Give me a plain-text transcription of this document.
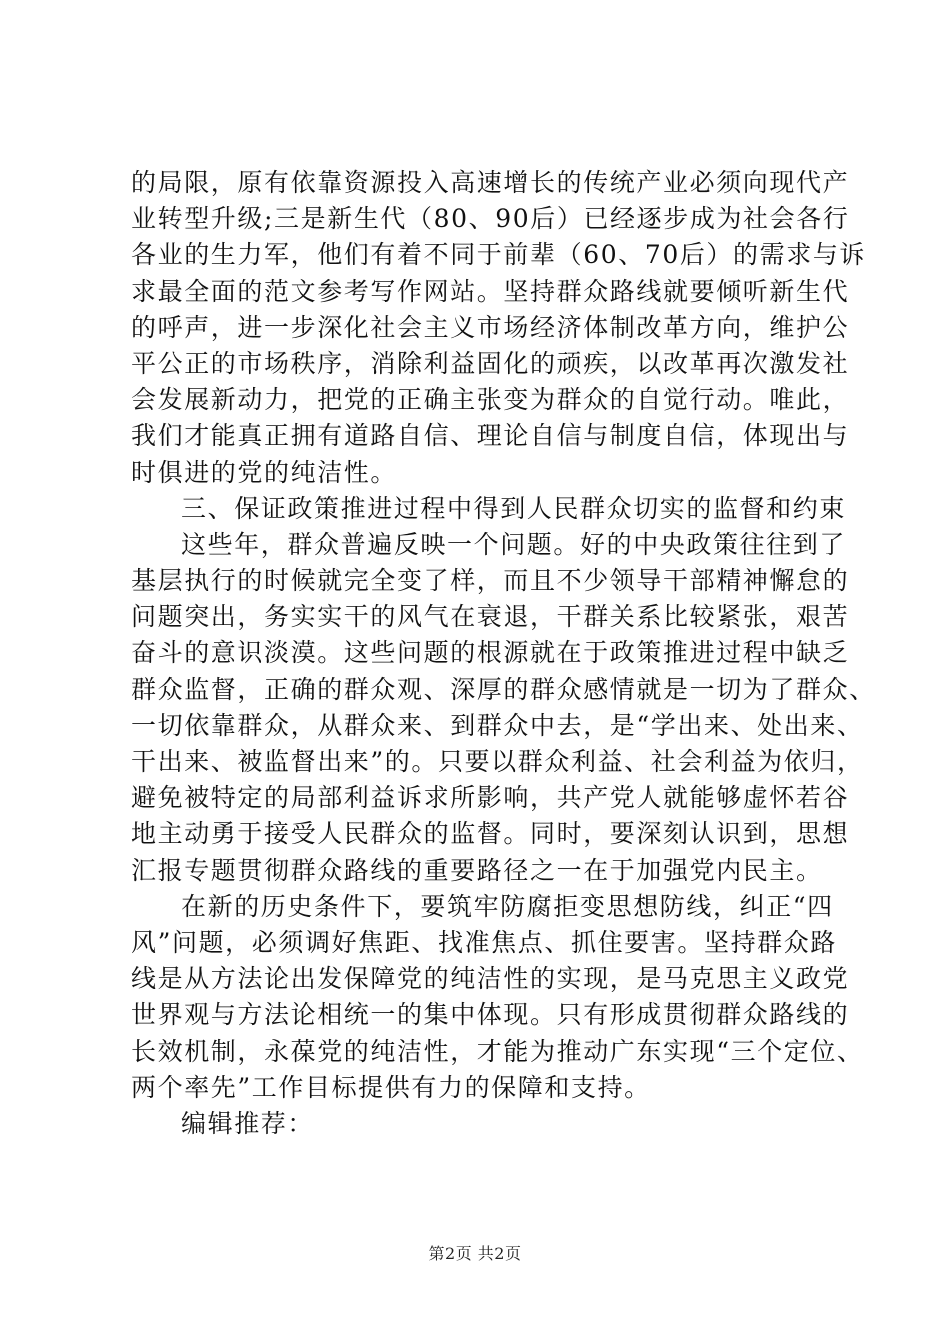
的局限，原有依靠资源投入高速增长的传统产业必须向现代产
业转型升级;三是新生代（80、90后）已经逐步成为社会各行
各业的生力军，他们有着不同于前辈（60、70后）的需求与诉
求最全面的范文参考写作网站。坚持群众路线就要倾听新生代
的呼声，进一步深化社会主义市场经济体制改革方向，维护公
平公正的市场秩序，消除利益固化的顽疾，以改革再次激发社
会发展新动力，把党的正确主张变为群众的自觉行动。唯此，
我们才能真正拥有道路自信、理论自信与制度自信，体现出与
时俱进的党的纯洁性。
三、保证政策推进过程中得到人民群众切实的监督和约束
这些年，群众普遍反映一个问题。好的中央政策往往到了
基层执行的时候就完全变了样，而且不少领导干部精神懈怠的
问题突出，务实实干的风气在衰退，干群关系比较紧张，艰苦
奋斗的意识淡漠。这些问题的根源就在于政策推进过程中缺乏
群众监督，正确的群众观、深厚的群众感情就是一切为了群众、
一切依靠群众，从群众来、到群众中去，是“学出来、处出来、
干出来、被监督出来”的。只要以群众利益、社会利益为依归，
避免被特定的局部利益诉求所影响，共产党人就能够虚怀若谷
地主动勇于接受人民群众的监督。同时，要深刻认识到，思想
汇报专题贯彻群众路线的重要路径之一在于加强党内民主。
在新的历史条件下，要筑牢防腐拒变思想防线，纠正“四
风”问题，必须调好焦距、找准焦点、抓住要害。坚持群众路
线是从方法论出发保障党的纯洁性的实现，是马克思主义政党
世界观与方法论相统一的集中体现。只有形成贯彻群众路线的
长效机制，永葆党的纯洁性，才能为推动广东实现“三个定位、
两个率先”工作目标提供有力的保障和支持。
编辑推荐：
第2页 共2页
